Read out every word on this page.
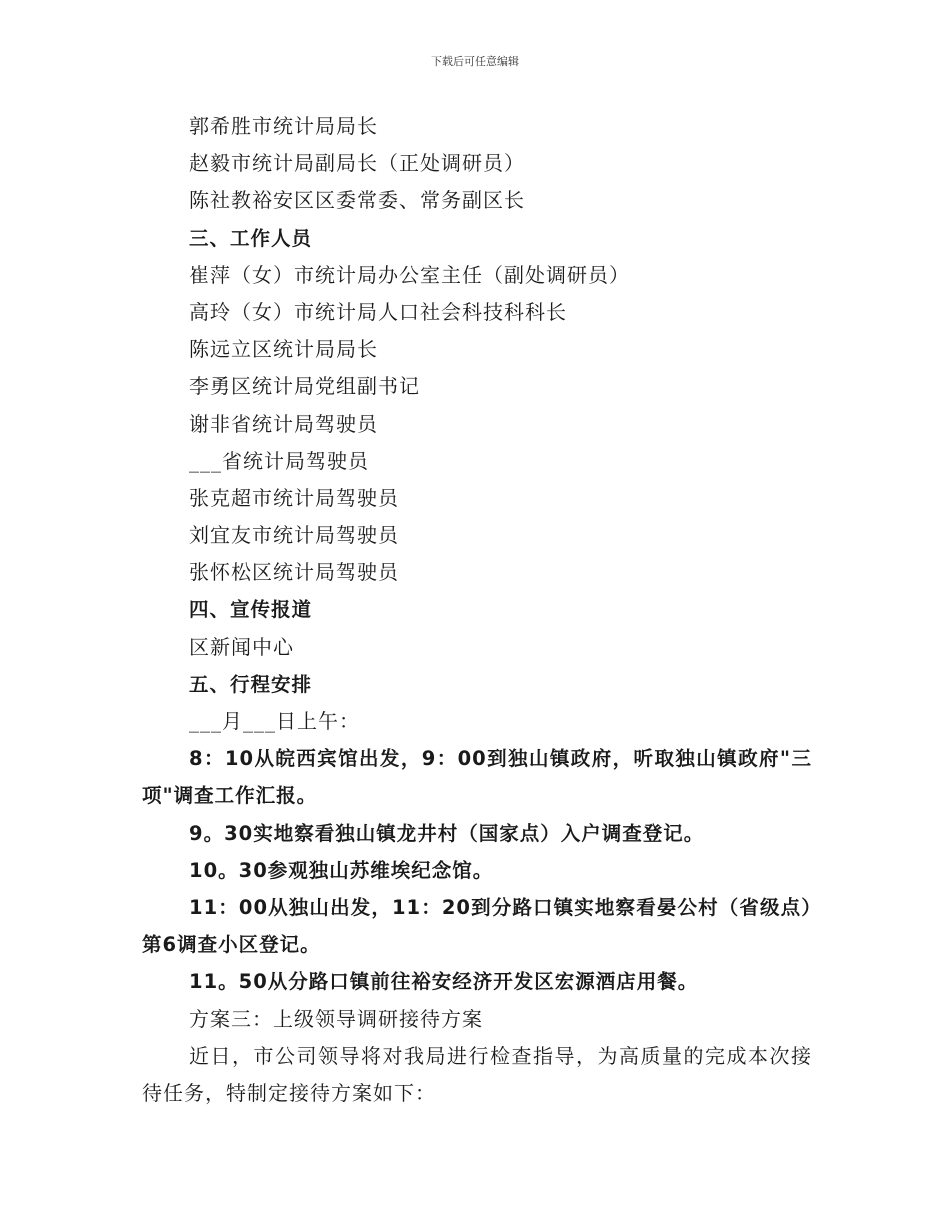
下载后可任意编辑
郭希胜市统计局局长
赵毅市统计局副局长（正处调研员）
陈社教裕安区区委常委、常务副区长
三、工作人员
崔萍（女）市统计局办公室主任（副处调研员）
高玲（女）市统计局人口社会科技科科长
陈远立区统计局局长
李勇区统计局党组副书记
谢非省统计局驾驶员
___省统计局驾驶员
张克超市统计局驾驶员
刘宜友市统计局驾驶员
张怀松区统计局驾驶员
四、宣传报道
区新闻中心
五、行程安排
___月___日上午：
8：10从皖西宾馆出发，9：00到独山镇政府，听取独山镇政府"三项"调查工作汇报。
9。30实地察看独山镇龙井村（国家点）入户调查登记。
10。30参观独山苏维埃纪念馆。
11：00从独山出发，11：20到分路口镇实地察看晏公村（省级点）第6调查小区登记。
11。50从分路口镇前往裕安经济开发区宏源酒店用餐。
方案三：上级领导调研接待方案
近日，市公司领导将对我局进行检查指导，为高质量的完成本次接待任务，特制定接待方案如下：
